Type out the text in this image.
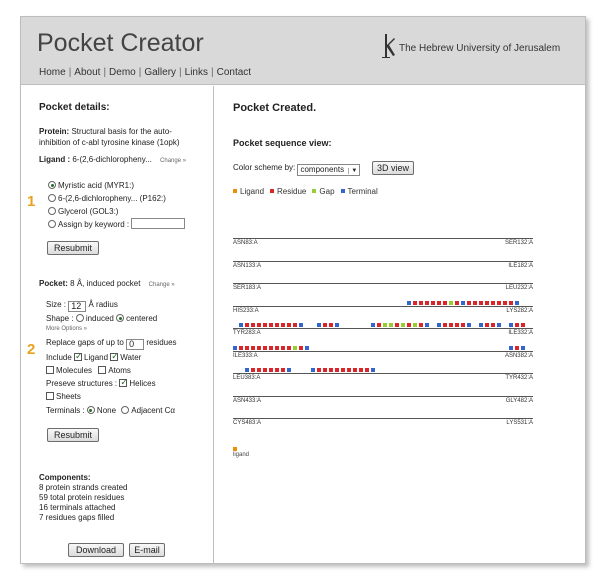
Pocket Creator	The Hebrew University of Jerusalem
Home | About | Demo | Gallery | Links | Contact
Pocket details:
Protein: Structural basis for the auto-
inhibition of c-abl tyrosine kinase (1opk)
Ligand : 6-(2,6-dichloropheny... Change »
1
Myristic acid (MYR1:)
6-(2,6-dichloropheny... (P162:)
Glycerol (GOL3:)
Assign by keyword :
Resubmit
Pocket: 8 Å, induced pocket Change »
Size : 12 Å radius
Shape : induced centered
More Options »
2 Replace gaps of up to 0 residues
Include ✓ Ligand ✓ Water
Molecules Atoms
Preseve structures : ✓ Helices
Sheets
Terminals : None Adjacent Cα
Resubmit
Components:
8 protein strands created
59 total protein residues
16 terminals attached
7 residues gaps filled
Download	E-mail
Pocket Created.
Pocket sequence view:
Color scheme by: components ▼	3D view
Ligand Residue Gap Terminal
ASN83:A	SER132:A
ASN133:A	ILE182:A
SER183:A	LEU232:A
HIS233:A	LYS282:A
TYR283:A	ILE332:A
ILE333:A	ASN382:A
LEU383:A	TYR432:A
ASN433:A	GLY482:A
CYS483:A	LYS531:A
ligand
